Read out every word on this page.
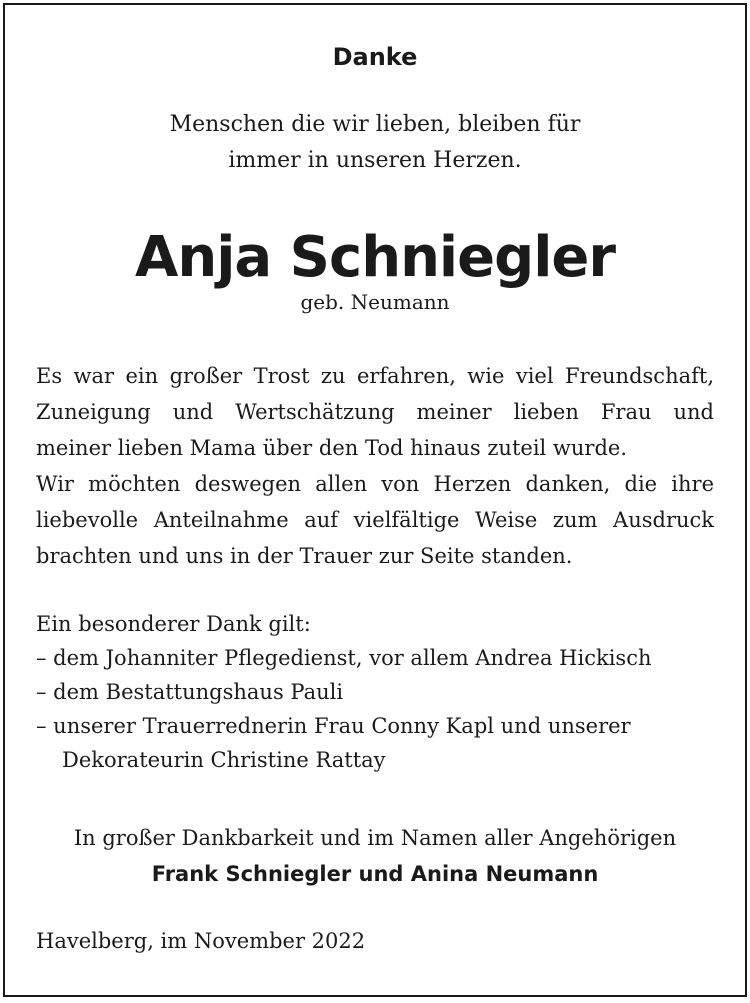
Danke
Menschen die wir lieben, bleiben für
immer in unseren Herzen.
Anja Schniegler
geb. Neumann
Es war ein großer Trost zu erfahren, wie viel Freundschaft,
Zuneigung und Wertschätzung meiner lieben Frau und
meiner lieben Mama über den Tod hinaus zuteil wurde.
Wir möchten deswegen allen von Herzen danken, die ihre
liebevolle Anteilnahme auf vielfältige Weise zum Ausdruck
brachten und uns in der Trauer zur Seite standen.
Ein besonderer Dank gilt:
– dem Johanniter Pflegedienst, vor allem Andrea Hickisch
– dem Bestattungshaus Pauli
– unserer Trauerrednerin Frau Conny Kapl und unserer
Dekorateurin Christine Rattay
In großer Dankbarkeit und im Namen aller Angehörigen
Frank Schniegler und Anina Neumann
Havelberg, im November 2022
